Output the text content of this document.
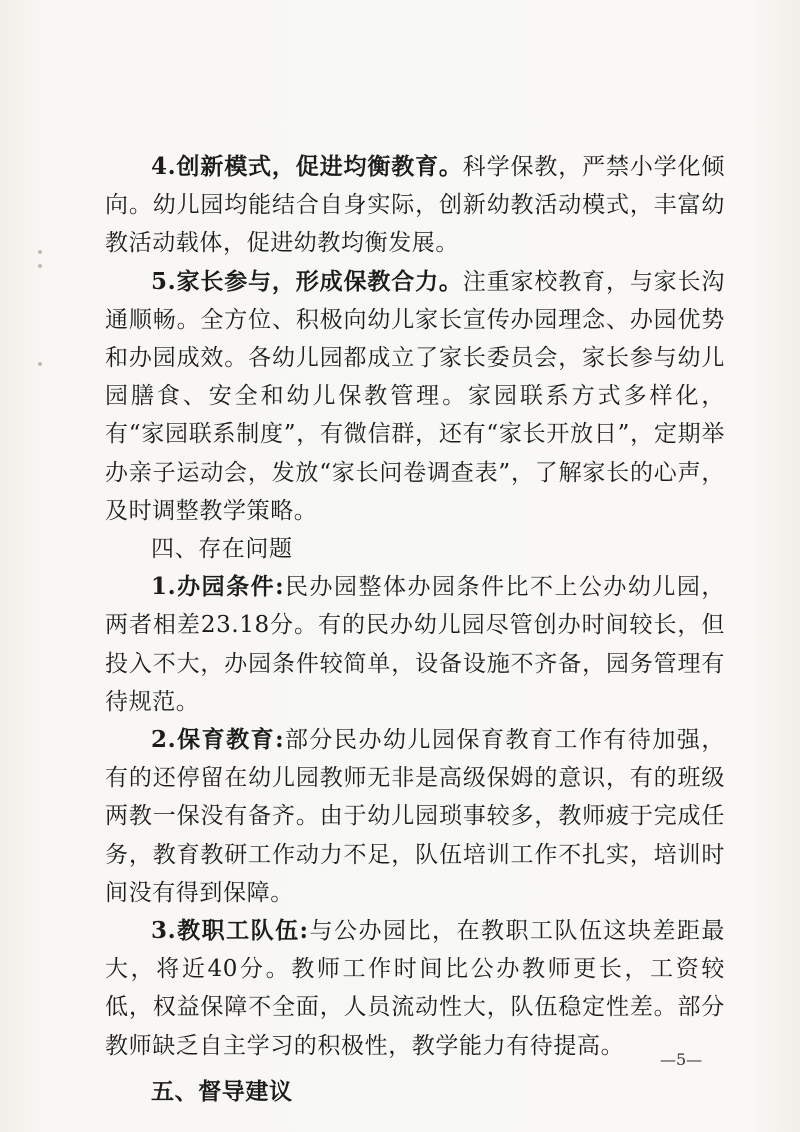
4.创新模式，促进均衡教育。科学保教，严禁小学化倾向。幼儿园均能结合自身实际，创新幼教活动模式，丰富幼教活动载体，促进幼教均衡发展。

5.家长参与，形成保教合力。注重家校教育，与家长沟通顺畅。全方位、积极向幼儿家长宣传办园理念、办园优势和办园成效。各幼儿园都成立了家长委员会，家长参与幼儿园膳食、安全和幼儿保教管理。家园联系方式多样化，有“家园联系制度”，有微信群，还有“家长开放日”，定期举办亲子运动会，发放“家长问卷调查表”，了解家长的心声，及时调整教学策略。

四、存在问题

1.办园条件:民办园整体办园条件比不上公办幼儿园，两者相差23.18分。有的民办幼儿园尽管创办时间较长，但投入不大，办园条件较简单，设备设施不齐备，园务管理有待规范。

2.保育教育:部分民办幼儿园保育教育工作有待加强，有的还停留在幼儿园教师无非是高级保姆的意识，有的班级两教一保没有备齐。由于幼儿园琐事较多，教师疲于完成任务，教育教研工作动力不足，队伍培训工作不扎实，培训时间没有得到保障。

3.教职工队伍:与公办园比，在教职工队伍这块差距最大，将近40分。教师工作时间比公办教师更长，工资较低，权益保障不全面，人员流动性大，队伍稳定性差。部分教师缺乏自主学习的积极性，教学能力有待提高。

五、督导建议

—5—
